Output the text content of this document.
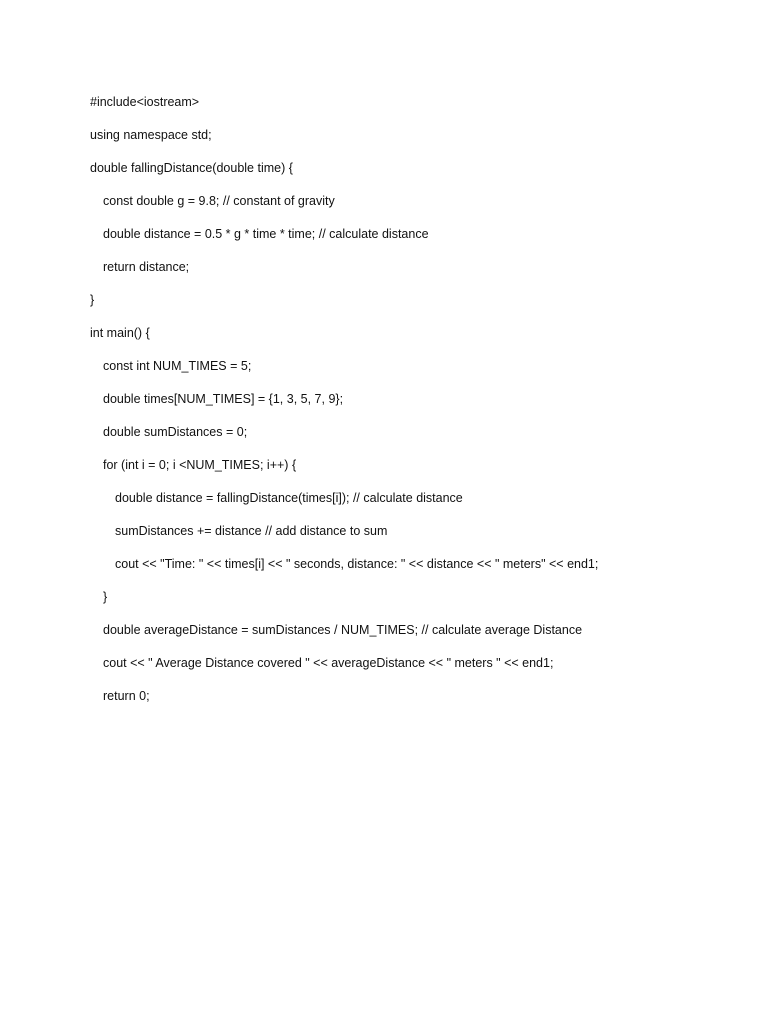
#include<iostream>
using namespace std;
double fallingDistance(double time) {
const double g = 9.8; // constant of gravity
double distance = 0.5 * g * time * time; // calculate distance
return distance;
}
int main() {
const int NUM_TIMES = 5;
double times[NUM_TIMES] = {1, 3, 5, 7, 9};
double sumDistances = 0;
for (int i = 0; i <NUM_TIMES; i++) {
double distance = fallingDistance(times[i]); // calculate distance
sumDistances += distance // add distance to sum
cout << "Time: " << times[i] << " seconds, distance: " << distance << " meters" << end1;
}
double averageDistance = sumDistances / NUM_TIMES; // calculate average Distance
cout << " Average Distance covered " << averageDistance << " meters " << end1;
return 0;
